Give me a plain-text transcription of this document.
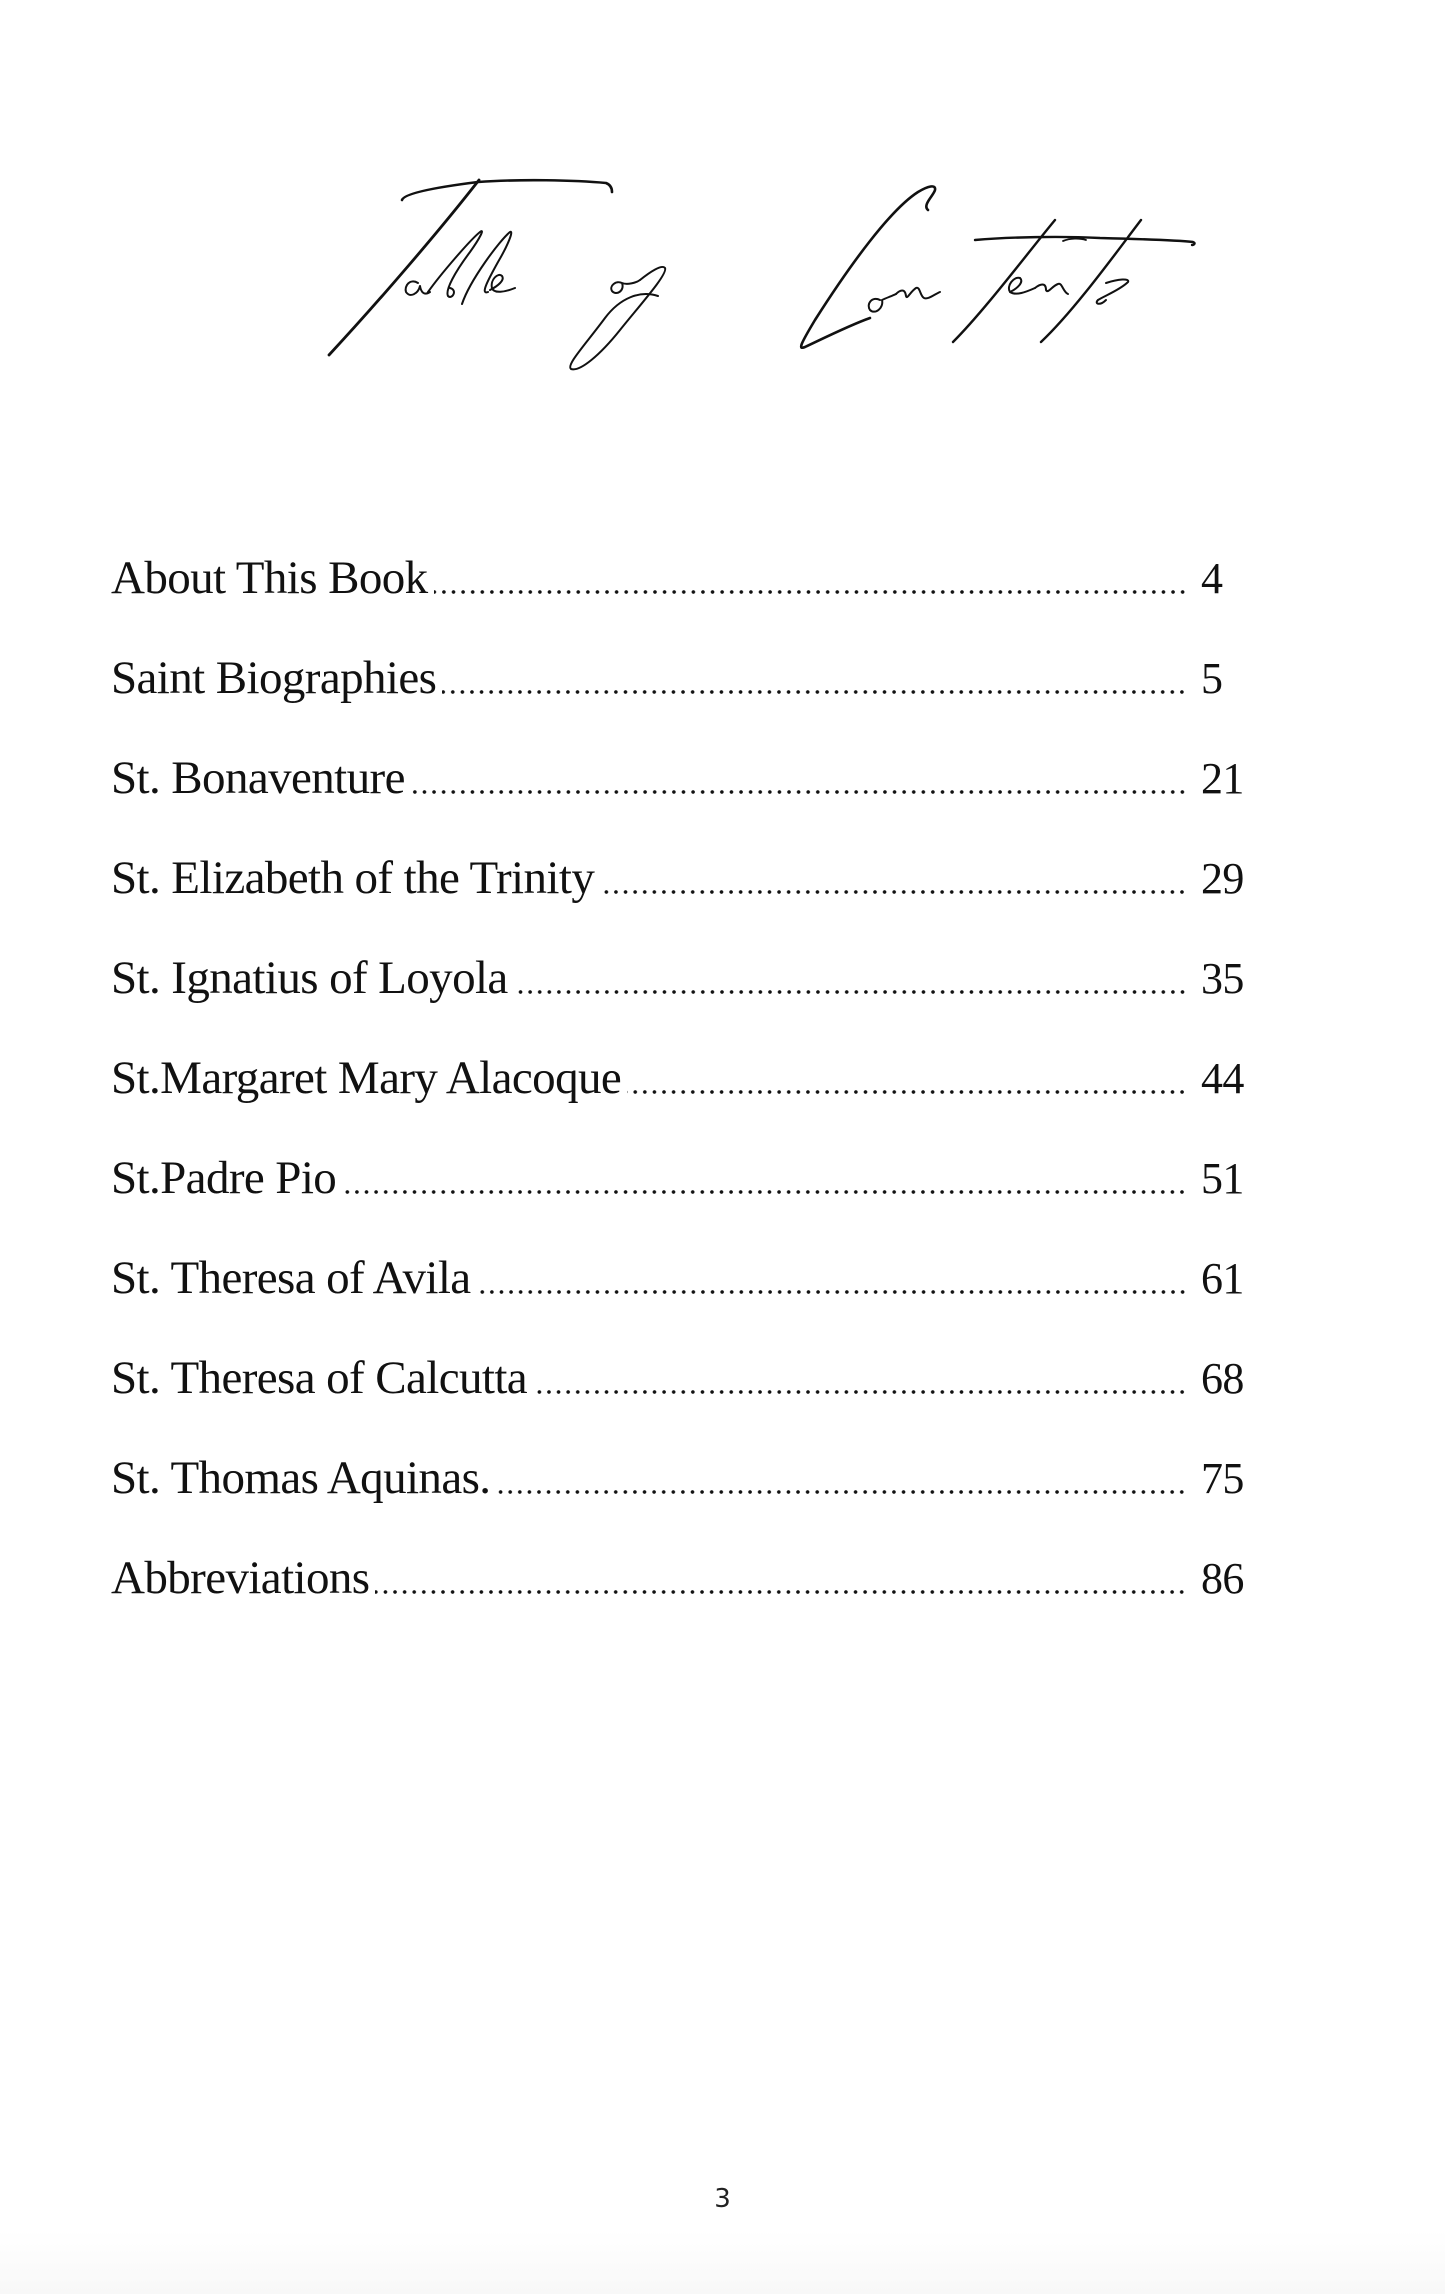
About This Book	4
Saint Biographies	5
St. Bonaventure	21
St. Elizabeth of the Trinity	29
St. Ignatius of Loyola	35
St.Margaret Mary Alacoque	44
St.Padre Pio	51
St. Theresa of Avila	61
St. Theresa of Calcutta	68
St. Thomas Aquinas.	75
Abbreviations	86
3
